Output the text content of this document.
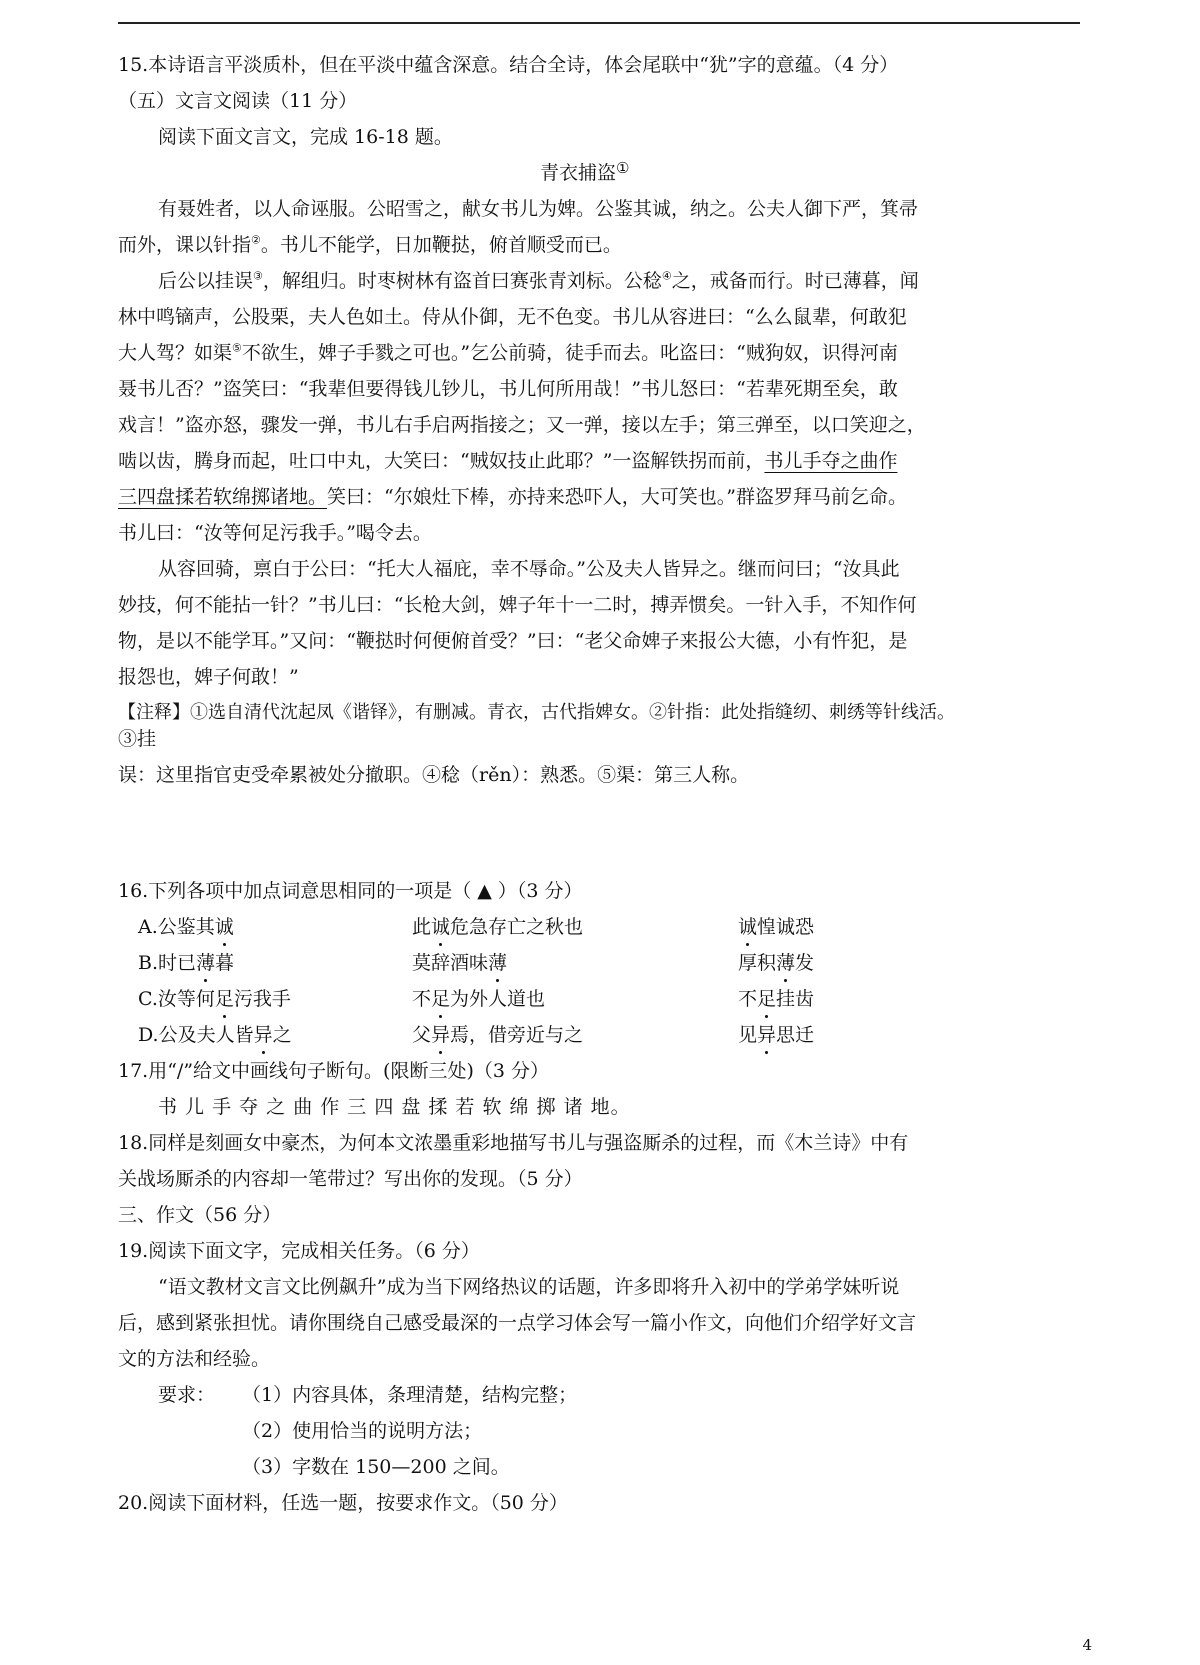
15.本诗语言平淡质朴，但在平淡中蕴含深意。结合全诗，体会尾联中“犹”字的意蕴。（4 分）
（五）文言文阅读（11 分）
阅读下面文言文，完成 16-18 题。
青衣捕盗①
有聂姓者，以人命诬服。公昭雪之，献女书儿为婢。公鉴其诚，纳之。公夫人御下严，箕帚
而外，课以针指②。书儿不能学，日加鞭挞，俯首顺受而已。
后公以挂误③，解组归。时枣树林有盗首曰赛张青刘标。公稔④之，戒备而行。时已薄暮，闻
林中鸣镝声，公股栗，夫人色如土。侍从仆御，无不色变。书儿从容进曰：“么么鼠辈，何敢犯
大人驾？如渠⑤不欲生，婢子手戮之可也。”乞公前骑，徒手而去。叱盗曰：“贼狗奴，识得河南
聂书儿否？”盗笑曰：“我辈但要得钱儿钞儿，书儿何所用哉！”书儿怒曰：“若辈死期至矣，敢
戏言！”盗亦怒，骤发一弹，书儿右手启两指接之；又一弹，接以左手；第三弹至，以口笑迎之，
啮以齿，腾身而起，吐口中丸，大笑曰：“贼奴技止此耶？”一盗解铁拐而前，书儿手夺之曲作
三四盘揉若软绵掷诸地。笑曰：“尔娘灶下棒，亦持来恐吓人，大可笑也。”群盗罗拜马前乞命。
书儿曰：“汝等何足污我手。”喝令去。
从容回骑，禀白于公曰：“托大人福庇，幸不辱命。”公及夫人皆异之。继而问曰；“汝具此
妙技，何不能拈一针？”书儿曰：“长枪大剑，婢子年十一二时，搏弄惯矣。一针入手，不知作何
物，是以不能学耳。”又问：“鞭挞时何便俯首受？”曰：“老父命婢子来报公大德，小有忤犯，是
报怨也，婢子何敢！”
【注释】①选自清代沈起凤《谐铎》，有删减。青衣，古代指婢女。②针指：此处指缝纫、刺绣等针线活。
③挂
误：这里指官吏受牵累被处分撤职。④稔（rěn）：熟悉。⑤渠：第三人称。
16.下列各项中加点词意思相同的一项是（ ▲ ）（3 分）
A.公鉴其诚	此诚危急存亡之秋也	诚惶诚恐
B.时已薄暮	莫辞酒味薄	厚积薄发
C.汝等何足污我手	不足为外人道也	不足挂齿
D.公及夫人皆异之	父异焉，借旁近与之	见异思迁
17.用“/”给文中画线句子断句。(限断三处)（3 分）
书 儿 手 夺 之 曲 作 三 四 盘 揉 若 软 绵 掷 诸 地。
18.同样是刻画女中豪杰，为何本文浓墨重彩地描写书儿与强盗厮杀的过程，而《木兰诗》中有
关战场厮杀的内容却一笔带过？写出你的发现。（5 分）
三、作文（56 分）
19.阅读下面文字，完成相关任务。（6 分）
“语文教材文言文比例飙升”成为当下网络热议的话题，许多即将升入初中的学弟学妹听说
后，感到紧张担忧。请你围绕自己感受最深的一点学习体会写一篇小作文，向他们介绍学好文言
文的方法和经验。
要求： （1）内容具体，条理清楚，结构完整；
（2）使用恰当的说明方法；
（3）字数在 150—200 之间。
20.阅读下面材料，任选一题，按要求作文。（50 分）
4
